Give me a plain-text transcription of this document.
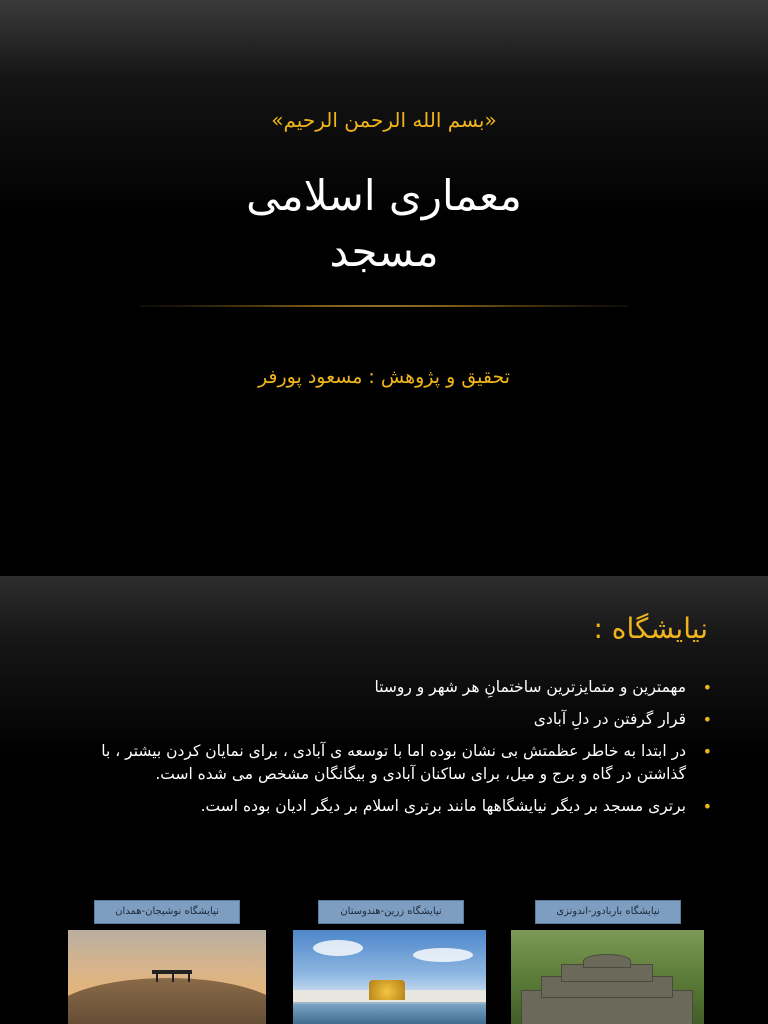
«بسم الله الرحمن الرحیم»
معماری اسلامی
مسجد
تحقیق و پژوهش : مسعود پورفر
نیایشگاه :
•
مهمترین و متمایزترین ساختمانِ هر شهر و روستا
•
قرار گرفتن در دلِ آبادی
•
در ابتدا به خاطر عظمتش بی نشان بوده اما با توسعه ی آبادی ، برای نمایان کردن بیشتر ، با گذاشتن در گاه و برج و میل، برای ساکنان آبادی و بیگانگان مشخص می شده است.
•
برتری مسجد بر دیگر نیایشگاهها مانند برتری اسلام بر دیگر ادیان بوده است.
نیایشگاه نوشیجان-همدان	نیایشگاه زرین-هندوستان	نیایشگاه باربادور-اندونزی
